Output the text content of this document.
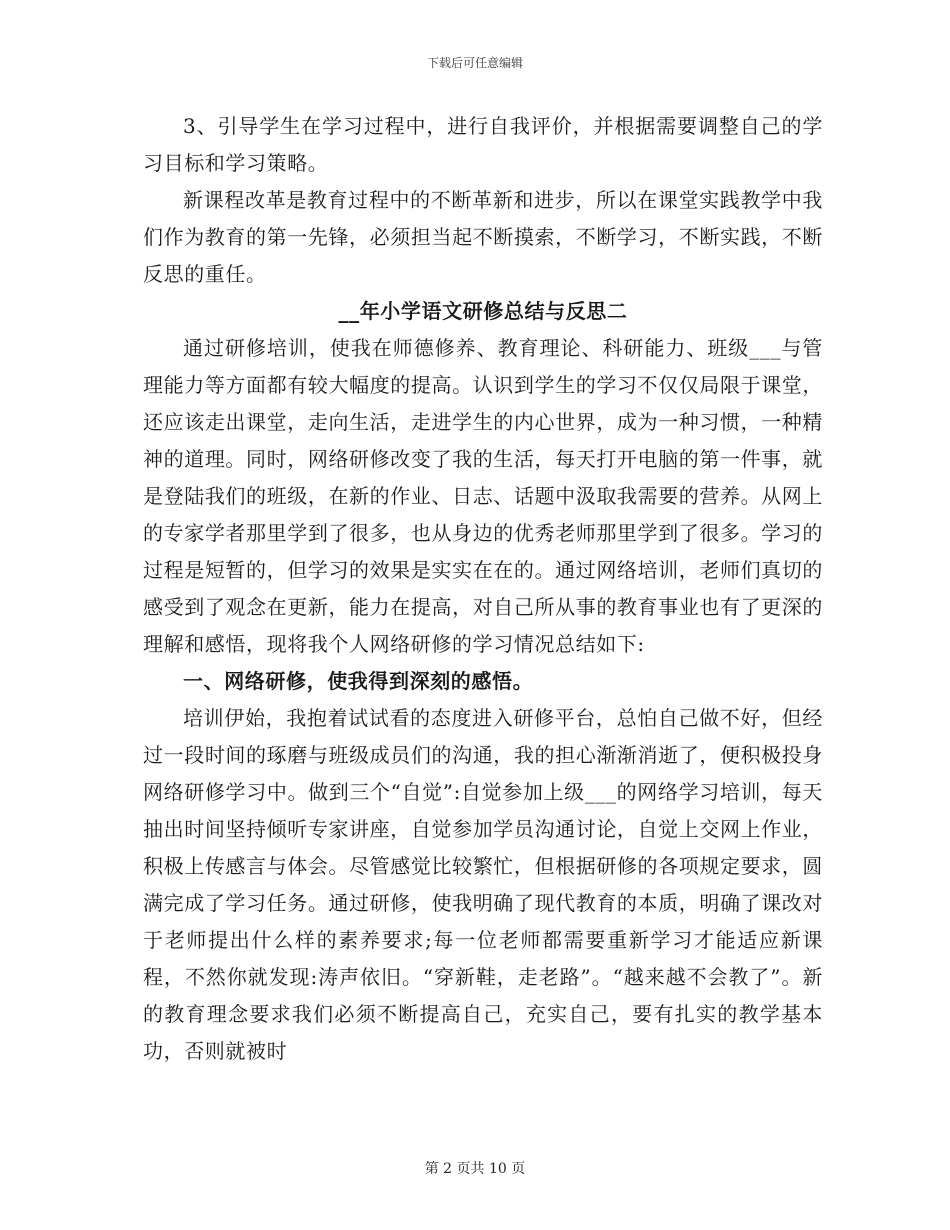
下载后可任意编辑

3、引导学生在学习过程中，进行自我评价，并根据需要调整自己的学习目标和学习策略。

新课程改革是教育过程中的不断革新和进步，所以在课堂实践教学中我们作为教育的第一先锋，必须担当起不断摸索，不断学习，不断实践，不断反思的重任。

__年小学语文研修总结与反思二

通过研修培训，使我在师德修养、教育理论、科研能力、班级___与管理能力等方面都有较大幅度的提高。认识到学生的学习不仅仅局限于课堂，还应该走出课堂，走向生活，走进学生的内心世界，成为一种习惯，一种精神的道理。同时，网络研修改变了我的生活，每天打开电脑的第一件事，就是登陆我们的班级，在新的作业、日志、话题中汲取我需要的营养。从网上的专家学者那里学到了很多，也从身边的优秀老师那里学到了很多。学习的过程是短暂的，但学习的效果是实实在在的。通过网络培训，老师们真切的感受到了观念在更新，能力在提高，对自己所从事的教育事业也有了更深的理解和感悟，现将我个人网络研修的学习情况总结如下:

一、网络研修，使我得到深刻的感悟。

培训伊始，我抱着试试看的态度进入研修平台，总怕自己做不好，但经过一段时间的琢磨与班级成员们的沟通，我的担心渐渐消逝了，便积极投身网络研修学习中。做到三个“自觉”:自觉参加上级___的网络学习培训，每天抽出时间坚持倾听专家讲座，自觉参加学员沟通讨论，自觉上交网上作业，积极上传感言与体会。尽管感觉比较繁忙，但根据研修的各项规定要求，圆满完成了学习任务。通过研修，使我明确了现代教育的本质，明确了课改对于老师提出什么样的素养要求;每一位老师都需要重新学习才能适应新课程，不然你就发现:涛声依旧。“穿新鞋，走老路”。“越来越不会教了”。新的教育理念要求我们必须不断提高自己，充实自己，要有扎实的教学基本功，否则就被时

第 2 页共 10 页
